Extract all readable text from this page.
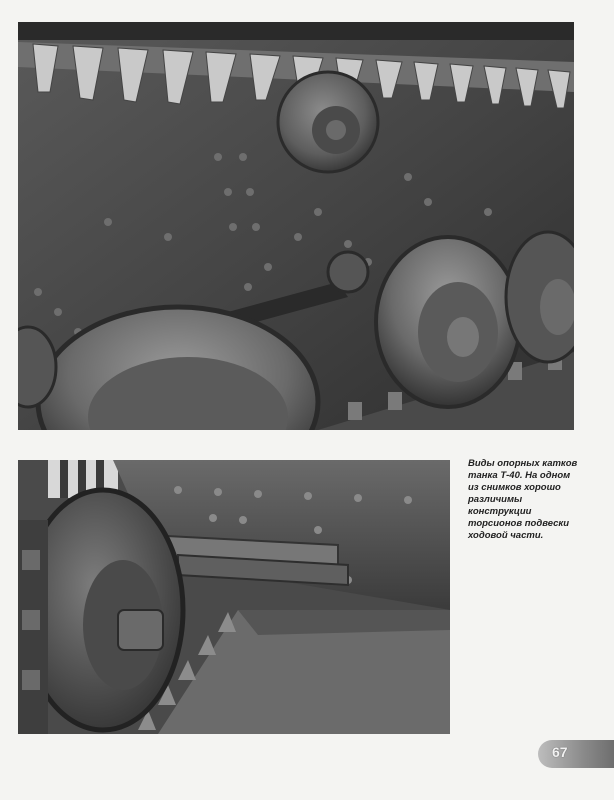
Виды опорных катков
танка Т-40. На одном
из снимков хорошо
различимы
конструкции
торсионов подвески
ходовой части.
67
